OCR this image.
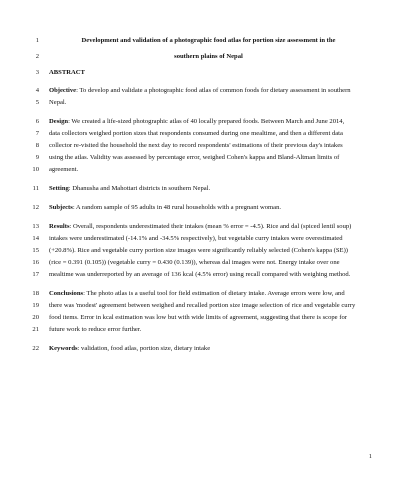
1	Development and validation of a photographic food atlas for portion size assessment in the
2	southern plains of Nepal
3 ABSTRACT
4 Objective: To develop and validate a photographic food atlas of common foods for dietary assessment in southern
5 Nepal.
6 Design: We created a life-sized photographic atlas of 40 locally prepared foods. Between March and June 2014,
7 data collectors weighed portion sizes that respondents consumed during one mealtime, and then a different data
8 collector re-visited the household the next day to record respondents' estimations of their previous day's intakes
9 using the atlas. Validity was assessed by percentage error, weighed Cohen's kappa and Bland-Altman limits of
10 agreement.
11 Setting: Dhanusha and Mahottari districts in southern Nepal.
12 Subjects: A random sample of 95 adults in 48 rural households with a pregnant woman.
13 Results: Overall, respondents underestimated their intakes (mean % error = -4.5). Rice and dal (spiced lentil soup)
14 intakes were underestimated (-14.1% and -34.5% respectively), but vegetable curry intakes were overestimated
15 (+20.8%). Rice and vegetable curry portion size images were significantly reliably selected (Cohen's kappa (SE))
16 (rice = 0.391 (0.105)) (vegetable curry = 0.430 (0.139)), whereas dal images were not. Energy intake over one
17 mealtime was underreported by an average of 136 kcal (4.5% error) using recall compared with weighing method.
18 Conclusions: The photo atlas is a useful tool for field estimation of dietary intake. Average errors were low, and
19 there was 'modest' agreement between weighed and recalled portion size image selection of rice and vegetable curry
20 food items. Error in kcal estimation was low but with wide limits of agreement, suggesting that there is scope for
21 future work to reduce error further.
22 Keywords: validation, food atlas, portion size, dietary intake
1
